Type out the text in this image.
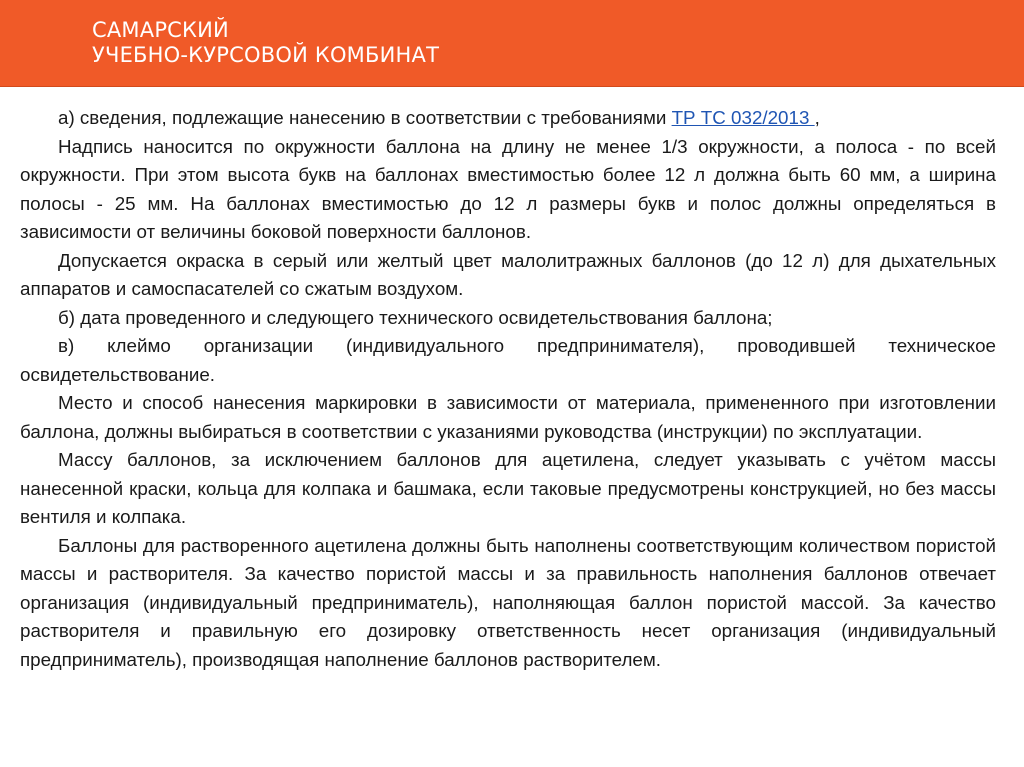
САМАРСКИЙ
УЧЕБНО-КУРСОВОЙ КОМБИНАТ

а) сведения, подлежащие нанесению в соответствии с требованиями ТР ТС 032/2013 ,

Надпись наносится по окружности баллона на длину не менее 1/3 окружности, а полоса - по всей окружности. При этом высота букв на баллонах вместимостью более 12 л должна быть 60 мм, а ширина полосы - 25 мм. На баллонах вместимостью до 12 л размеры букв и полос должны определяться в зависимости от величины боковой поверхности баллонов.

Допускается окраска в серый или желтый цвет малолитражных баллонов (до 12 л) для дыхательных аппаратов и самоспасателей со сжатым воздухом.

б) дата проведенного и следующего технического освидетельствования баллона;

в) клеймо организации (индивидуального предпринимателя), проводившей техническое освидетельствование.

Место и способ нанесения маркировки в зависимости от материала, примененного при изготовлении баллона, должны выбираться в соответствии с указаниями руководства (инструкции) по эксплуатации.

Массу баллонов, за исключением баллонов для ацетилена, следует указывать с учётом массы нанесенной краски, кольца для колпака и башмака, если таковые предусмотрены конструкцией, но без массы вентиля и колпака.

Баллоны для растворенного ацетилена должны быть наполнены соответствующим количеством пористой массы и растворителя. За качество пористой массы и за правильность наполнения баллонов отвечает организация (индивидуальный предприниматель), наполняющая баллон пористой массой. За качество растворителя и правильную его дозировку ответственность несет организация (индивидуальный предприниматель), производящая наполнение баллонов растворителем.
